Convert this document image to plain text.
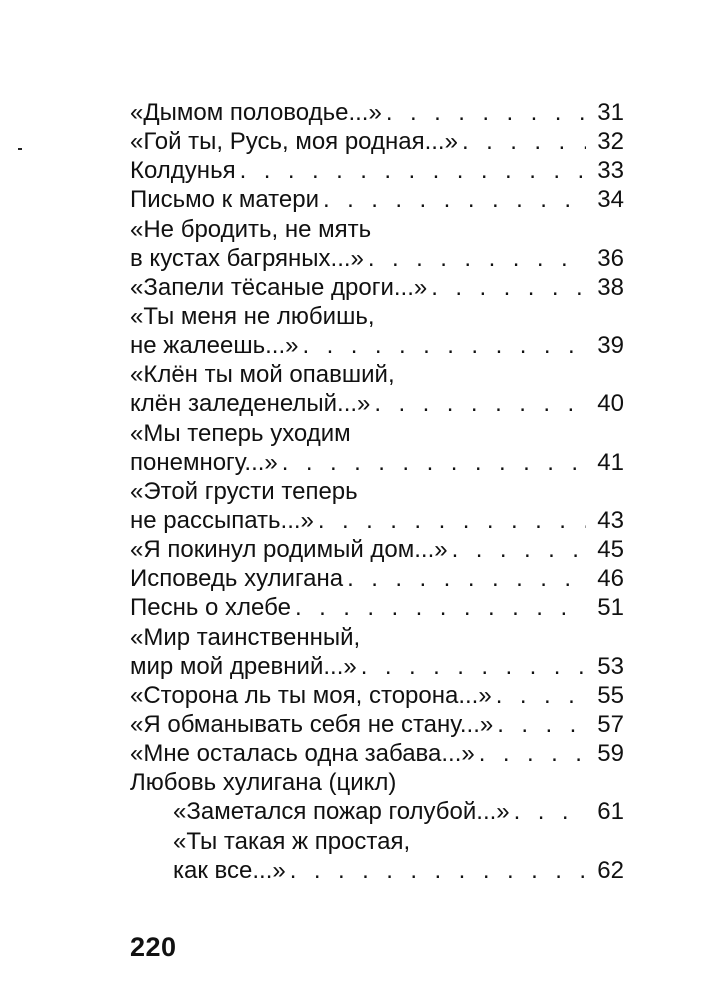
«Дымом половодье...» . . .	31
«Гой ты, Русь, моя родная...» . . .	32
Колдунья . . .	33
Письмо к матери . . .	34
«Не бродить, не мять
в кустах багряных...» . . .	36
«Запели тёсаные дроги...» . . .	38
«Ты меня не любишь,
не жалеешь...» . . .	39
«Клён ты мой опавший,
клён заледенелый...» . . .	40
«Мы теперь уходим
понемногу...» . . .	41
«Этой грусти теперь
не рассыпать...» . . .	43
«Я покинул родимый дом...» . . .	45
Исповедь хулигана . . .	46
Песнь о хлебе . . .	51
«Мир таинственный,
мир мой древний...» . . .	53
«Сторона ль ты моя, сторона...» . . .	55
«Я обманывать себя не стану...» . . .	57
«Мне осталась одна забава...» . . .	59
Любовь хулигана (цикл)
«Заметался пожар голубой...» . . .	61
«Ты такая ж простая,
как все...» . . .	62
220
